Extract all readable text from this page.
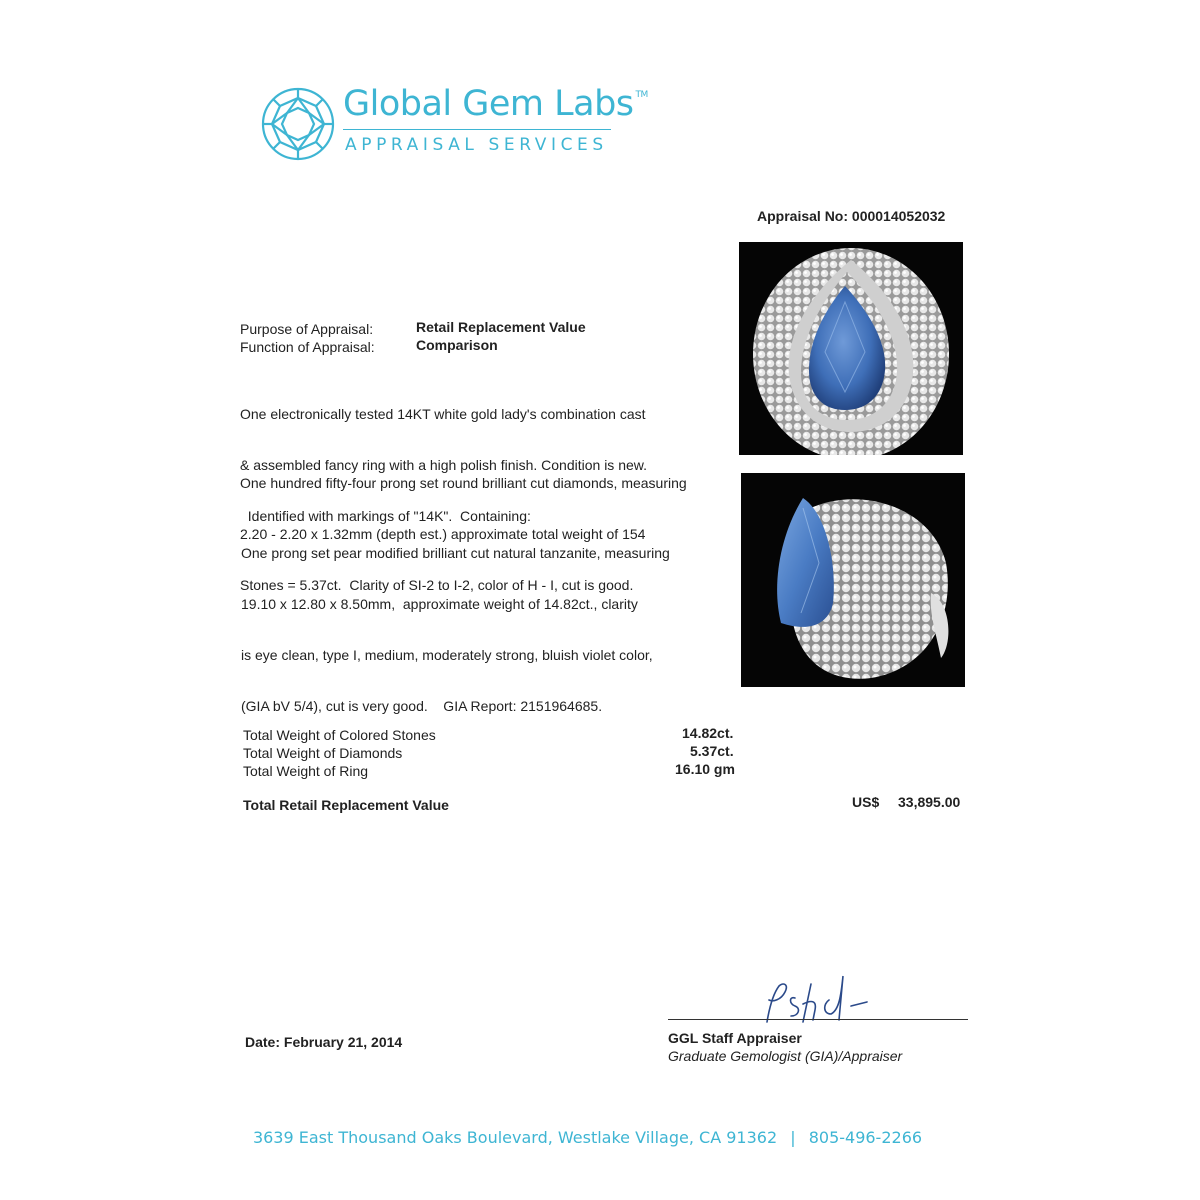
Global Gem Labs ™
APPRAISAL SERVICES
Appraisal No: 000014052032
Purpose of Appraisal:	Retail Replacement Value
Function of Appraisal:	Comparison

One electronically tested 14KT white gold lady's combination cast

& assembled fancy ring with a high polish finish. Condition is new.

Identified with markings of "14K".  Containing:

One hundred fifty-four prong set round brilliant cut diamonds, measuring

2.20 - 2.20 x 1.32mm (depth est.) approximate total weight of 154

Stones = 5.37ct.  Clarity of SI-2 to I-2, color of H - I, cut is good.

One prong set pear modified brilliant cut natural tanzanite, measuring

19.10 x 12.80 x 8.50mm,  approximate weight of 14.82ct., clarity

is eye clean, type I, medium, moderately strong, bluish violet color,

(GIA bV 5/4), cut is very good.    GIA Report: 2151964685.

Total Weight of Colored Stones	14.82ct.
Total Weight of Diamonds	5.37ct.
Total Weight of Ring	16.10 gm
Total Retail Replacement Value	US$ 33,895.00
Date: February 21, 2014	GGL Staff Appraiser
Graduate Gemologist (GIA)/Appraiser
3639 East Thousand Oaks Boulevard, Westlake Village, CA 91362 | 805-496-2266
